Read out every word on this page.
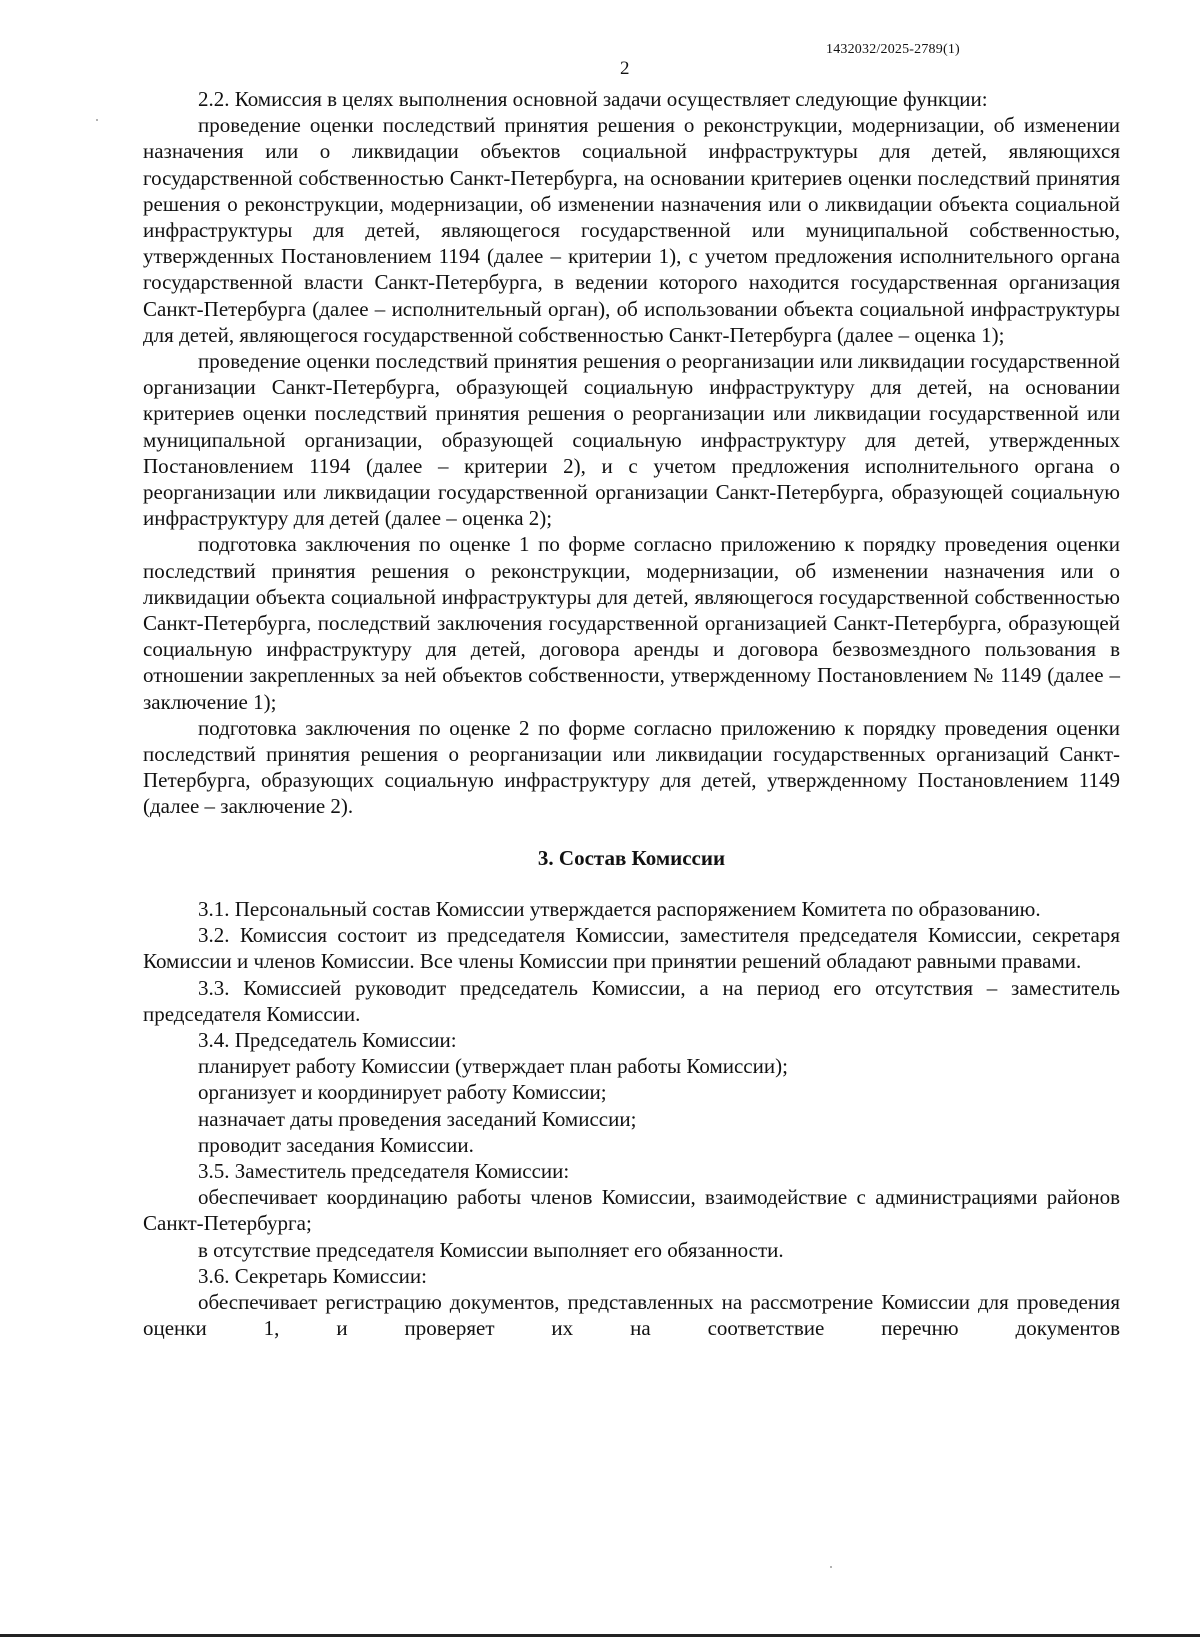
1432032/2025-2789(1)
2

2.2. Комиссия в целях выполнения основной задачи осуществляет следующие функции:

проведение оценки последствий принятия решения о реконструкции, модернизации, об изменении назначения или о ликвидации объектов социальной инфраструктуры для детей, являющихся государственной собственностью Санкт-Петербурга, на основании критериев оценки последствий принятия решения о реконструкции, модернизации, об изменении назначения или о ликвидации объекта социальной инфраструктуры для детей, являющегося государственной или муниципальной собственностью, утвержденных Постановлением 1194 (далее – критерии 1), с учетом предложения исполнительного органа государственной власти Санкт-Петербурга, в ведении которого находится государственная организация Санкт-Петербурга (далее – исполнительный орган), об использовании объекта социальной инфраструктуры для детей, являющегося государственной собственностью Санкт-Петербурга (далее – оценка 1);

проведение оценки последствий принятия решения о реорганизации или ликвидации государственной организации Санкт-Петербурга, образующей социальную инфраструктуру для детей, на основании критериев оценки последствий принятия решения о реорганизации или ликвидации государственной или муниципальной организации, образующей социальную инфраструктуру для детей, утвержденных Постановлением 1194 (далее – критерии 2), и с учетом предложения исполнительного органа о реорганизации или ликвидации государственной организации Санкт-Петербурга, образующей социальную инфраструктуру для детей (далее – оценка 2);

подготовка заключения по оценке 1 по форме согласно приложению к порядку проведения оценки последствий принятия решения о реконструкции, модернизации, об изменении назначения или о ликвидации объекта социальной инфраструктуры для детей, являющегося государственной собственностью Санкт-Петербурга, последствий заключения государственной организацией Санкт-Петербурга, образующей социальную инфраструктуру для детей, договора аренды и договора безвозмездного пользования в отношении закрепленных за ней объектов собственности, утвержденному Постановлением № 1149 (далее – заключение 1);

подготовка заключения по оценке 2 по форме согласно приложению к порядку проведения оценки последствий принятия решения о реорганизации или ликвидации государственных организаций Санкт-Петербурга, образующих социальную инфраструктуру для детей, утвержденному Постановлением 1149 (далее – заключение 2).

3. Состав Комиссии

3.1. Персональный состав Комиссии утверждается распоряжением Комитета по образованию.

3.2. Комиссия состоит из председателя Комиссии, заместителя председателя Комиссии, секретаря Комиссии и членов Комиссии. Все члены Комиссии при принятии решений обладают равными правами.

3.3. Комиссией руководит председатель Комиссии, а на период его отсутствия – заместитель председателя Комиссии.

3.4. Председатель Комиссии:

планирует работу Комиссии (утверждает план работы Комиссии);

организует и координирует работу Комиссии;

назначает даты проведения заседаний Комиссии;

проводит заседания Комиссии.

3.5. Заместитель председателя Комиссии:

обеспечивает координацию работы членов Комиссии, взаимодействие с администрациями районов Санкт-Петербурга;

в отсутствие председателя Комиссии выполняет его обязанности.

3.6. Секретарь Комиссии:

обеспечивает регистрацию документов, представленных на рассмотрение Комиссии для проведения оценки 1, и проверяет их на соответствие перечню документов
